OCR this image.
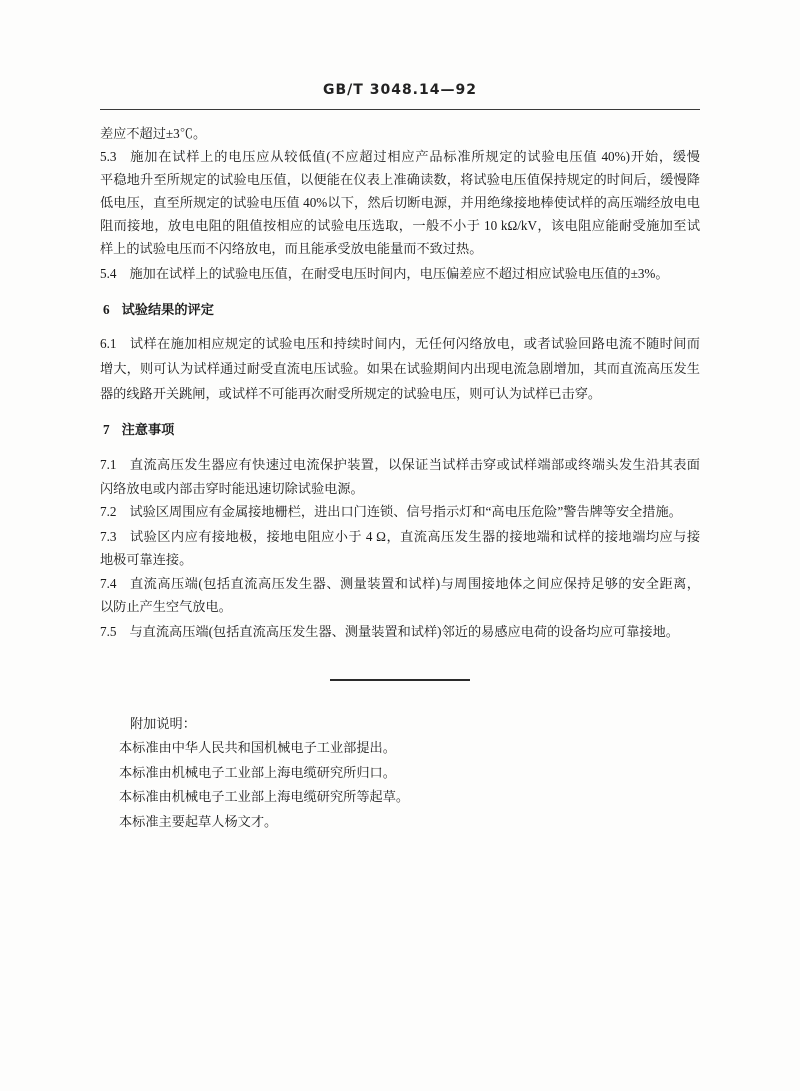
GB/T 3048.14—92
差应不超过±3℃。
5.3 施加在试样上的电压应从较低值(不应超过相应产品标准所规定的试验电压值 40%)开始，缓慢
平稳地升至所规定的试验电压值，以便能在仪表上准确读数，将试验电压值保持规定的时间后，缓慢降
低电压，直至所规定的试验电压值 40%以下，然后切断电源，并用绝缘接地棒使试样的高压端经放电电
阻而接地，放电电阻的阻值按相应的试验电压选取，一般不小于 10 kΩ/kV，该电阻应能耐受施加至试
样上的试验电压而不闪络放电，而且能承受放电能量而不致过热。
5.4 施加在试样上的试验电压值，在耐受电压时间内，电压偏差应不超过相应试验电压值的±3%。
6 试验结果的评定
6.1 试样在施加相应规定的试验电压和持续时间内，无任何闪络放电，或者试验回路电流不随时间而
增大，则可认为试样通过耐受直流电压试验。如果在试验期间内出现电流急剧增加，其而直流高压发生
器的线路开关跳闸，或试样不可能再次耐受所规定的试验电压，则可认为试样已击穿。
7 注意事项
7.1 直流高压发生器应有快速过电流保护装置，以保证当试样击穿或试样端部或终端头发生沿其表面
闪络放电或内部击穿时能迅速切除试验电源。
7.2 试验区周围应有金属接地栅栏，进出口门连锁、信号指示灯和“高电压危险”警告牌等安全措施。
7.3 试验区内应有接地极，接地电阻应小于 4 Ω，直流高压发生器的接地端和试样的接地端均应与接
地极可靠连接。
7.4 直流高压端(包括直流高压发生器、测量装置和试样)与周围接地体之间应保持足够的安全距离，
以防止产生空气放电。
7.5 与直流高压端(包括直流高压发生器、测量装置和试样)邻近的易感应电荷的设备均应可靠接地。
附加说明：
本标准由中华人民共和国机械电子工业部提出。
本标准由机械电子工业部上海电缆研究所归口。
本标准由机械电子工业部上海电缆研究所等起草。
本标准主要起草人杨文才。
